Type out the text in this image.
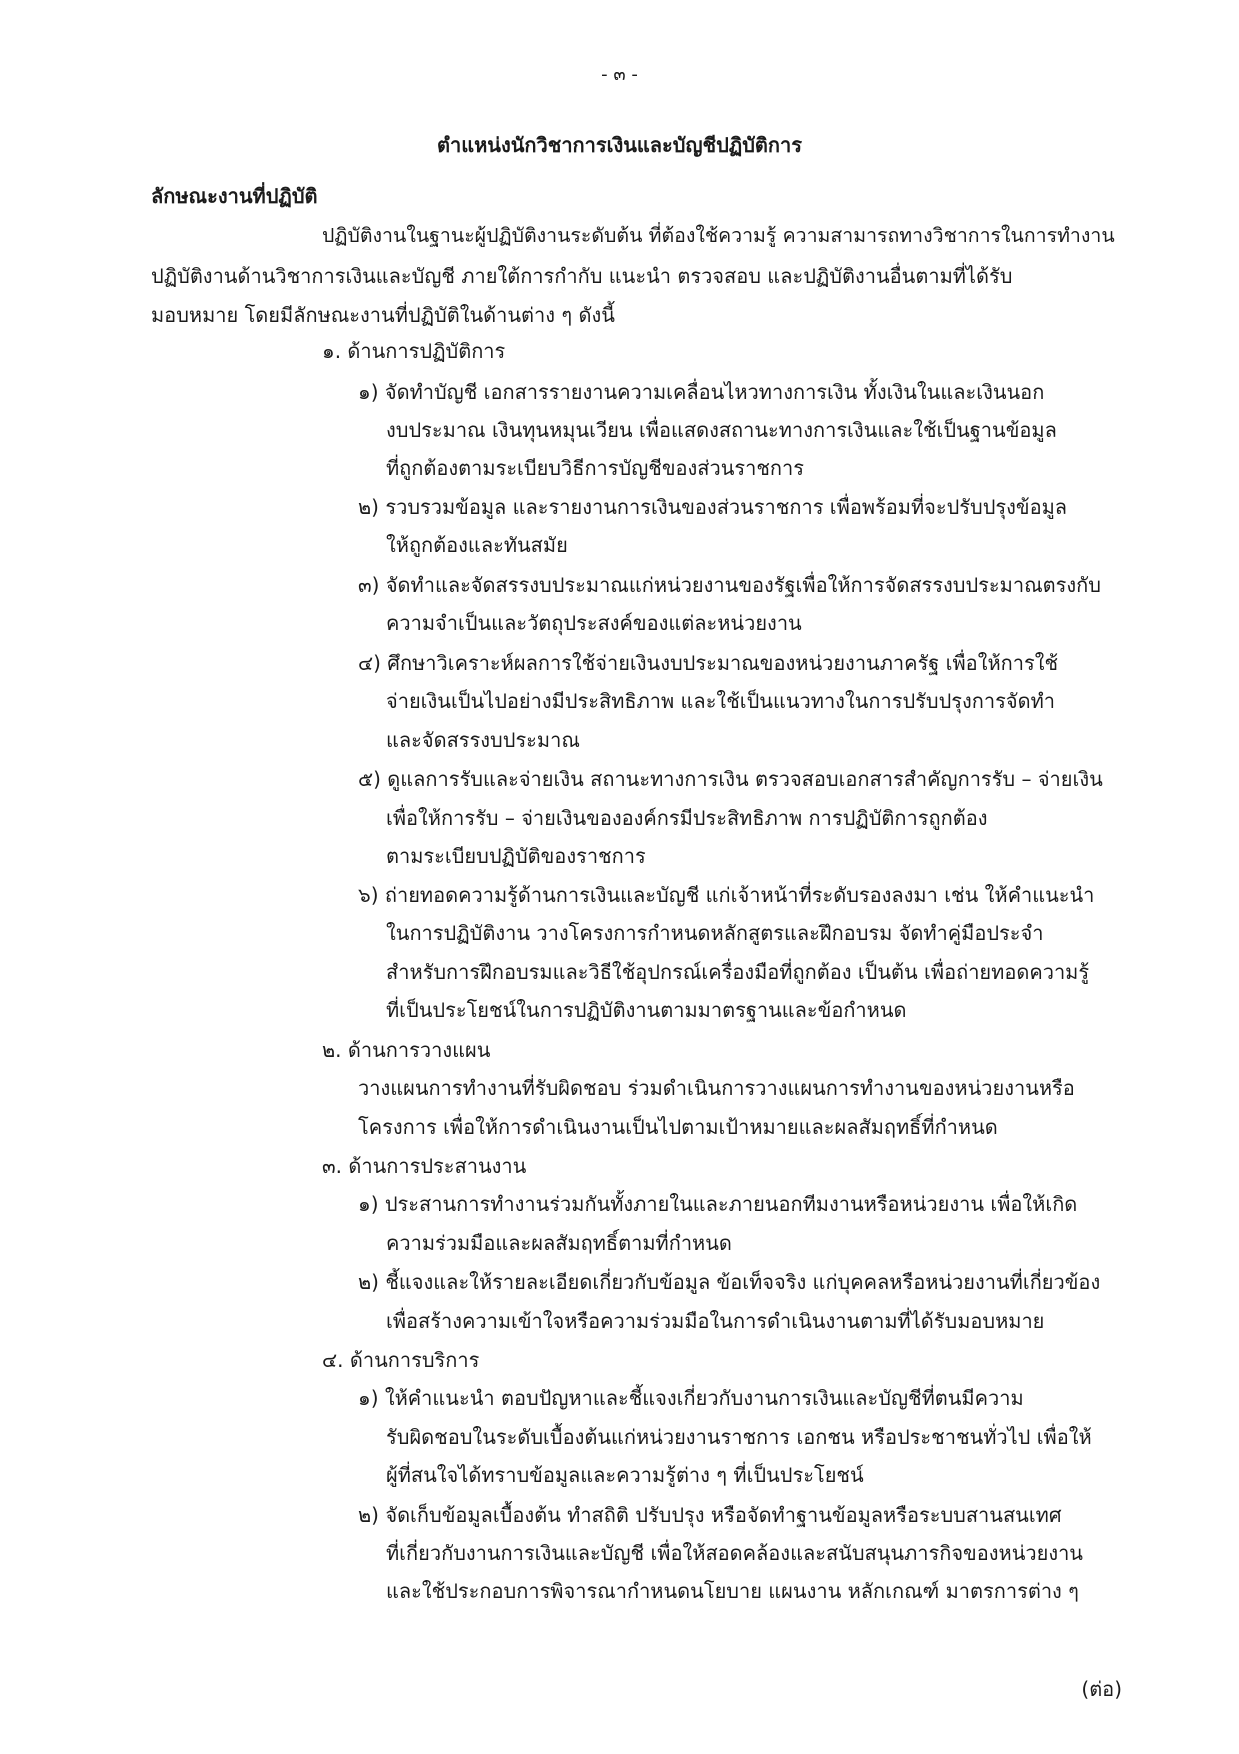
- ๓ -
ตำแหน่งนักวิชาการเงินและบัญชีปฏิบัติการ
ลักษณะงานที่ปฏิบัติ
ปฏิบัติงานในฐานะผู้ปฏิบัติงานระดับต้น ที่ต้องใช้ความรู้ ความสามารถทางวิชาการในการทำงาน
ปฏิบัติงานด้านวิชาการเงินและบัญชี ภายใต้การกำกับ แนะนำ ตรวจสอบ และปฏิบัติงานอื่นตามที่ได้รับ
มอบหมาย โดยมีลักษณะงานที่ปฏิบัติในด้านต่าง ๆ ดังนี้
๑. ด้านการปฏิบัติการ
๑) จัดทำบัญชี เอกสารรายงานความเคลื่อนไหวทางการเงิน ทั้งเงินในและเงินนอก
งบประมาณ เงินทุนหมุนเวียน เพื่อแสดงสถานะทางการเงินและใช้เป็นฐานข้อมูล
ที่ถูกต้องตามระเบียบวิธีการบัญชีของส่วนราชการ
๒) รวบรวมข้อมูล และรายงานการเงินของส่วนราชการ เพื่อพร้อมที่จะปรับปรุงข้อมูล
ให้ถูกต้องและทันสมัย
๓) จัดทำและจัดสรรงบประมาณแก่หน่วยงานของรัฐเพื่อให้การจัดสรรงบประมาณตรงกับ
ความจำเป็นและวัตถุประสงค์ของแต่ละหน่วยงาน
๔) ศึกษาวิเคราะห์ผลการใช้จ่ายเงินงบประมาณของหน่วยงานภาครัฐ เพื่อให้การใช้
จ่ายเงินเป็นไปอย่างมีประสิทธิภาพ และใช้เป็นแนวทางในการปรับปรุงการจัดทำ
และจัดสรรงบประมาณ
๕) ดูแลการรับและจ่ายเงิน สถานะทางการเงิน ตรวจสอบเอกสารสำคัญการรับ – จ่ายเงิน
เพื่อให้การรับ – จ่ายเงินขององค์กรมีประสิทธิภาพ การปฏิบัติการถูกต้อง
ตามระเบียบปฏิบัติของราชการ
๖) ถ่ายทอดความรู้ด้านการเงินและบัญชี แก่เจ้าหน้าที่ระดับรองลงมา เช่น ให้คำแนะนำ
ในการปฏิบัติงาน วางโครงการกำหนดหลักสูตรและฝึกอบรม จัดทำคู่มือประจำ
สำหรับการฝึกอบรมและวิธีใช้อุปกรณ์เครื่องมือที่ถูกต้อง เป็นต้น เพื่อถ่ายทอดความรู้
ที่เป็นประโยชน์ในการปฏิบัติงานตามมาตรฐานและข้อกำหนด
๒. ด้านการวางแผน
วางแผนการทำงานที่รับผิดชอบ ร่วมดำเนินการวางแผนการทำงานของหน่วยงานหรือ
โครงการ เพื่อให้การดำเนินงานเป็นไปตามเป้าหมายและผลสัมฤทธิ์ที่กำหนด
๓. ด้านการประสานงาน
๑) ประสานการทำงานร่วมกันทั้งภายในและภายนอกทีมงานหรือหน่วยงาน เพื่อให้เกิด
ความร่วมมือและผลสัมฤทธิ์ตามที่กำหนด
๒) ชี้แจงและให้รายละเอียดเกี่ยวกับข้อมูล ข้อเท็จจริง แก่บุคคลหรือหน่วยงานที่เกี่ยวข้อง
เพื่อสร้างความเข้าใจหรือความร่วมมือในการดำเนินงานตามที่ได้รับมอบหมาย
๔. ด้านการบริการ
๑) ให้คำแนะนำ ตอบปัญหาและชี้แจงเกี่ยวกับงานการเงินและบัญชีที่ตนมีความ
รับผิดชอบในระดับเบื้องต้นแก่หน่วยงานราชการ เอกชน หรือประชาชนทั่วไป เพื่อให้
ผู้ที่สนใจได้ทราบข้อมูลและความรู้ต่าง ๆ ที่เป็นประโยชน์
๒) จัดเก็บข้อมูลเบื้องต้น ทำสถิติ ปรับปรุง หรือจัดทำฐานข้อมูลหรือระบบสานสนเทศ
ที่เกี่ยวกับงานการเงินและบัญชี เพื่อให้สอดคล้องและสนับสนุนภารกิจของหน่วยงาน
และใช้ประกอบการพิจารณากำหนดนโยบาย แผนงาน หลักเกณฑ์ มาตรการต่าง ๆ
(ต่อ)
